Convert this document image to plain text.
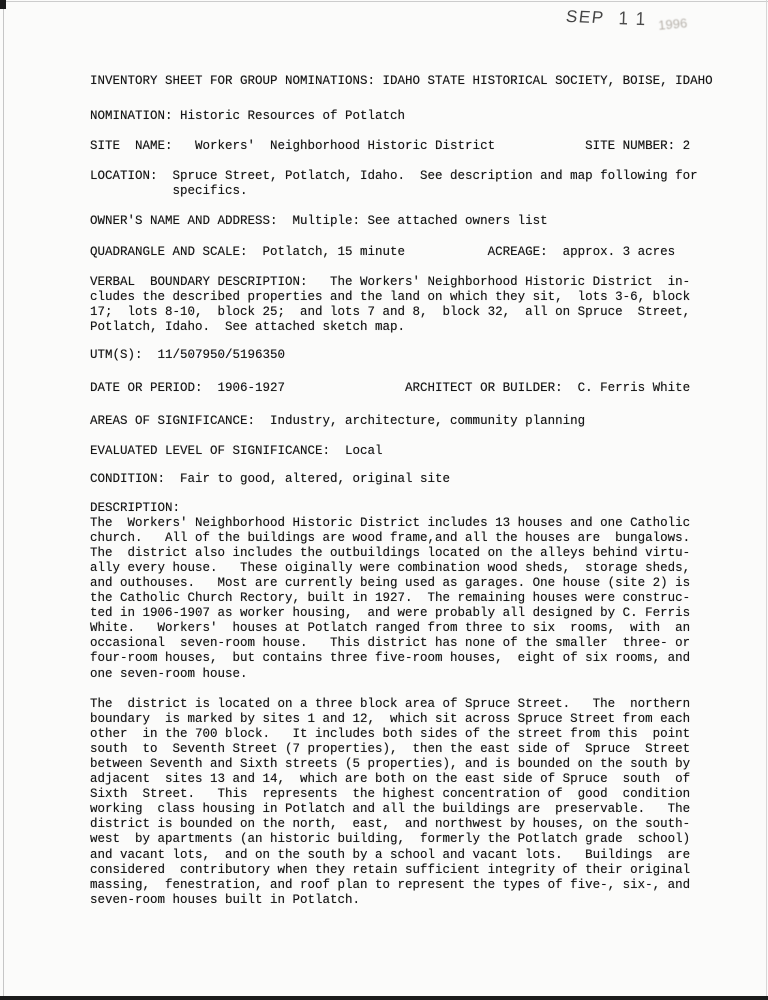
SEP 11 1996
INVENTORY SHEET FOR GROUP NOMINATIONS: IDAHO STATE HISTORICAL SOCIETY, BOISE, IDAHO
NOMINATION: Historic Resources of Potlatch
SITE  NAME:   Workers'  Neighborhood Historic District            SITE NUMBER: 2
LOCATION:  Spruce Street, Potlatch, Idaho.  See description and map following for
specifics.
OWNER'S NAME AND ADDRESS:  Multiple: See attached owners list
QUADRANGLE AND SCALE:  Potlatch, 15 minute           ACREAGE:  approx. 3 acres
VERBAL  BOUNDARY DESCRIPTION:   The Workers' Neighborhood Historic District  in-
cludes the described properties and the land on which they sit,  lots 3-6, block
17;  lots 8-10,  block 25;  and lots 7 and 8,  block 32,  all on Spruce  Street,
Potlatch, Idaho.  See attached sketch map.
UTM(S):  11/507950/5196350
DATE OR PERIOD:  1906-1927                ARCHITECT OR BUILDER:  C. Ferris White
AREAS OF SIGNIFICANCE:  Industry, architecture, community planning
EVALUATED LEVEL OF SIGNIFICANCE:  Local
CONDITION:  Fair to good, altered, original site
DESCRIPTION:
The  Workers' Neighborhood Historic District includes 13 houses and one Catholic
church.   All of the buildings are wood frame,and all the houses are  bungalows.
The  district also includes the outbuildings located on the alleys behind virtu-
ally every house.   These oiginally were combination wood sheds,  storage sheds,
and outhouses.   Most are currently being used as garages. One house (site 2) is
the Catholic Church Rectory, built in 1927.  The remaining houses were construc-
ted in 1906-1907 as worker housing,  and were probably all designed by C. Ferris
White.   Workers'  houses at Potlatch ranged from three to six  rooms,  with  an
occasional  seven-room house.   This district has none of the smaller  three- or
four-room houses,  but contains three five-room houses,  eight of six rooms, and
one seven-room house.
The  district is located on a three block area of Spruce Street.   The  northern
boundary  is marked by sites 1 and 12,  which sit across Spruce Street from each
other  in the 700 block.   It includes both sides of the street from this  point
south  to  Seventh Street (7 properties),  then the east side of  Spruce  Street
between Seventh and Sixth streets (5 properties), and is bounded on the south by
adjacent  sites 13 and 14,  which are both on the east side of Spruce  south  of
Sixth  Street.   This  represents  the highest concentration of  good  condition
working  class housing in Potlatch and all the buildings are  preservable.   The
district is bounded on the north,  east,  and northwest by houses, on the south-
west  by apartments (an historic building,  formerly the Potlatch grade  school)
and vacant lots,  and on the south by a school and vacant lots.   Buildings  are
considered  contributory when they retain sufficient integrity of their original
massing,  fenestration, and roof plan to represent the types of five-, six-, and
seven-room houses built in Potlatch.
